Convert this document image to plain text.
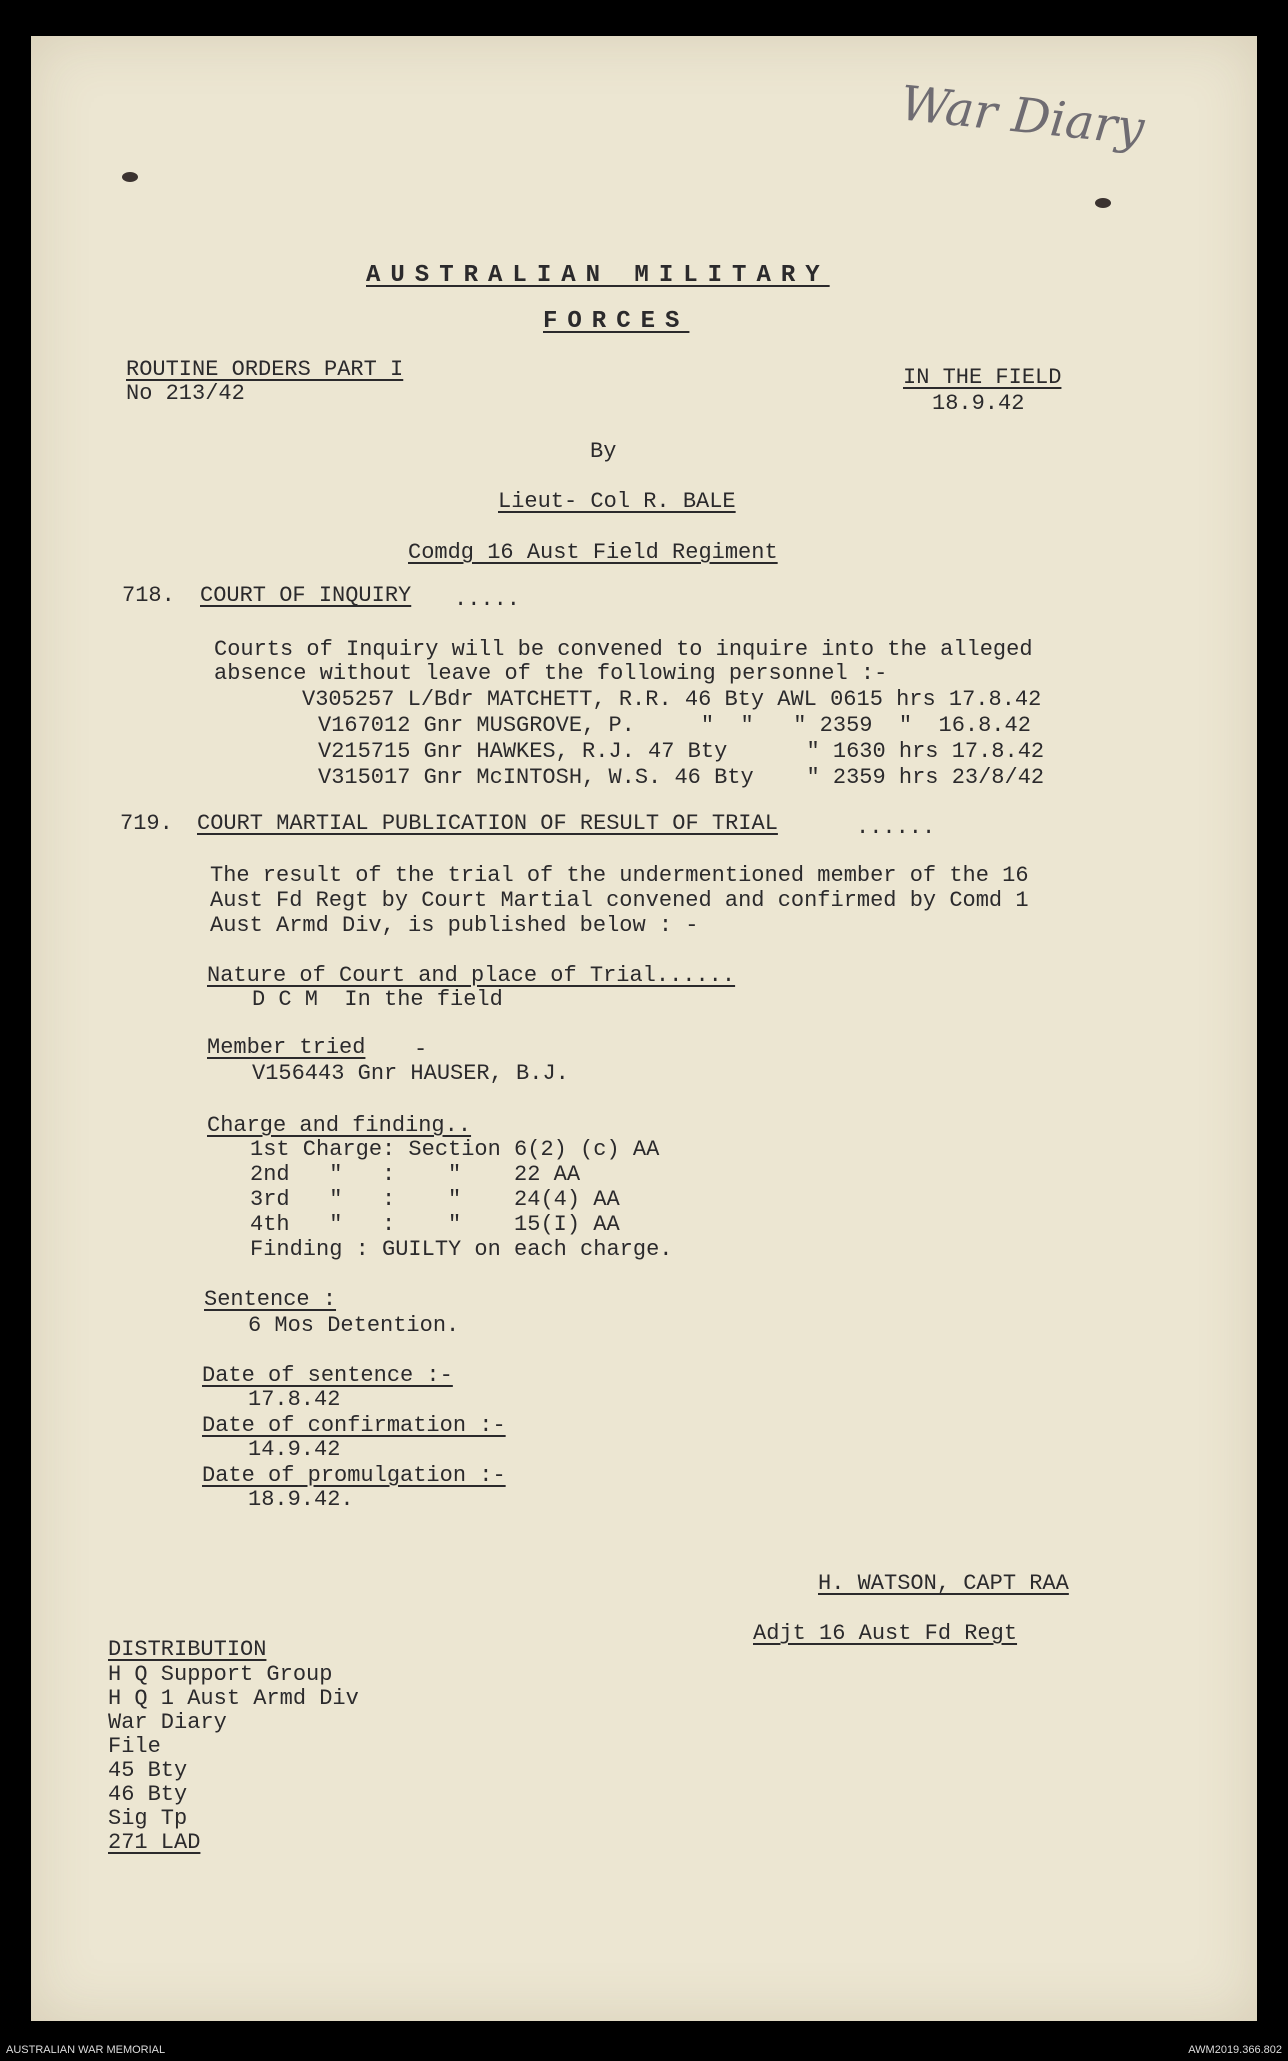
War Diary
AUSTRALIAN MILITARY
FORCES
ROUTINE ORDERS PART I
No 213/42
IN THE FIELD
18.9.42
By
Lieut- Col R. BALE
Comdg 16 Aust Field Regiment
718. COURT OF INQUIRY .....
Courts of Inquiry will be convened to inquire into the alleged
absence without leave of the following personnel :-
V305257 L/Bdr MATCHETT, R.R. 46 Bty AWL 0615 hrs 17.8.42
V167012 Gnr MUSGROVE, P.     "  "   " 2359  "  16.8.42
V215715 Gnr HAWKES, R.J. 47 Bty      " 1630 hrs 17.8.42
V315017 Gnr McINTOSH, W.S. 46 Bty    " 2359 hrs 23/8/42
719. COURT MARTIAL PUBLICATION OF RESULT OF TRIAL	......
The result of the trial of the undermentioned member of the 16
Aust Fd Regt by Court Martial convened and confirmed by Comd 1
Aust Armd Div, is published below : -
Nature of Court and place of Trial......
D C M  In the field
Member tried -
V156443 Gnr HAUSER, B.J.
Charge and finding..
1st Charge: Section 6(2) (c) AA
2nd   "   :    "    22 AA
3rd   "   :    "    24(4) AA
4th   "   :    "    15(I) AA
Finding : GUILTY on each charge.
Sentence :
6 Mos Detention.
Date of sentence :-
17.8.42
Date of confirmation :-
14.9.42
Date of promulgation :-
18.9.42.
H. WATSON, CAPT RAA
Adjt 16 Aust Fd Regt
DISTRIBUTION
H Q Support Group
H Q 1 Aust Armd Div
War Diary
File
45 Bty
46 Bty
Sig Tp
271 LAD
AUSTRALIAN WAR MEMORIAL	AWM2019.366.802
